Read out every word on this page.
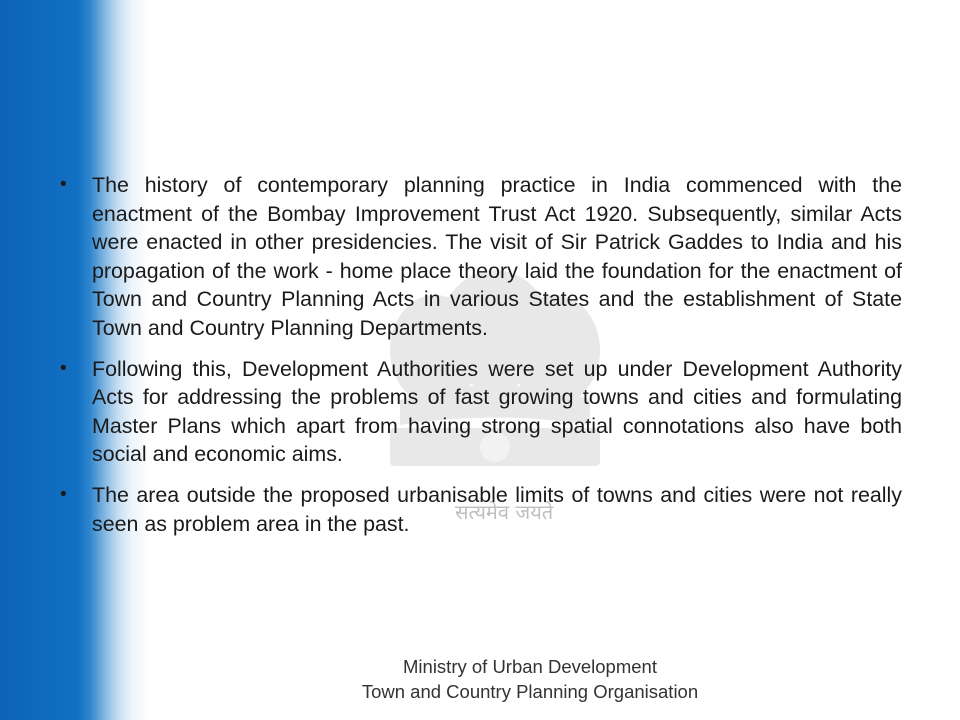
सत्यमेव जयते
• The history of contemporary planning practice in India commenced with the enactment of the Bombay Improvement Trust Act 1920. Subsequently, similar Acts were enacted in other presidencies. The visit of Sir Patrick Gaddes to India and his propagation of the work - home place theory laid the foundation for the enactment of Town and Country Planning Acts in various States and the establishment of State Town and Country Planning Departments.
• Following this, Development Authorities were set up under Development Authority Acts for addressing the problems of fast growing towns and cities and formulating Master Plans which apart from having strong spatial connotations also have both social and economic aims.
• The area outside the proposed urbanisable limits of towns and cities were not really seen as problem area in the past.
Ministry of Urban Development
Town and Country Planning Organisation
